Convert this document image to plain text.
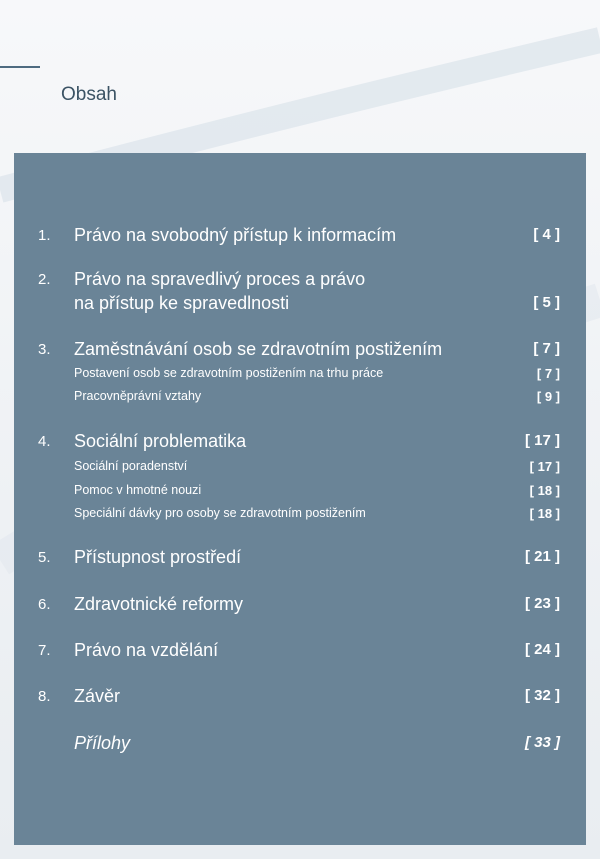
Obsah
1. Právo na svobodný přístup k informacím	[ 4 ]
2. Právo na spravedlivý proces a právo
na přístup ke spravedlnosti	[ 5 ]
3. Zaměstnávání osob se zdravotním postižením	[ 7 ]
Postavení osob se zdravotním postižením na trhu práce	[ 7 ]
Pracovněprávní vztahy	[ 9 ]
4. Sociální problematika	[ 17 ]
Sociální poradenství	[ 17 ]
Pomoc v hmotné nouzi	[ 18 ]
Speciální dávky pro osoby se zdravotním postižením	[ 18 ]
5. Přístupnost prostředí	[ 21 ]
6. Zdravotnické reformy	[ 23 ]
7. Právo na vzdělání	[ 24 ]
8. Závěr	[ 32 ]
Přílohy	[ 33 ]
